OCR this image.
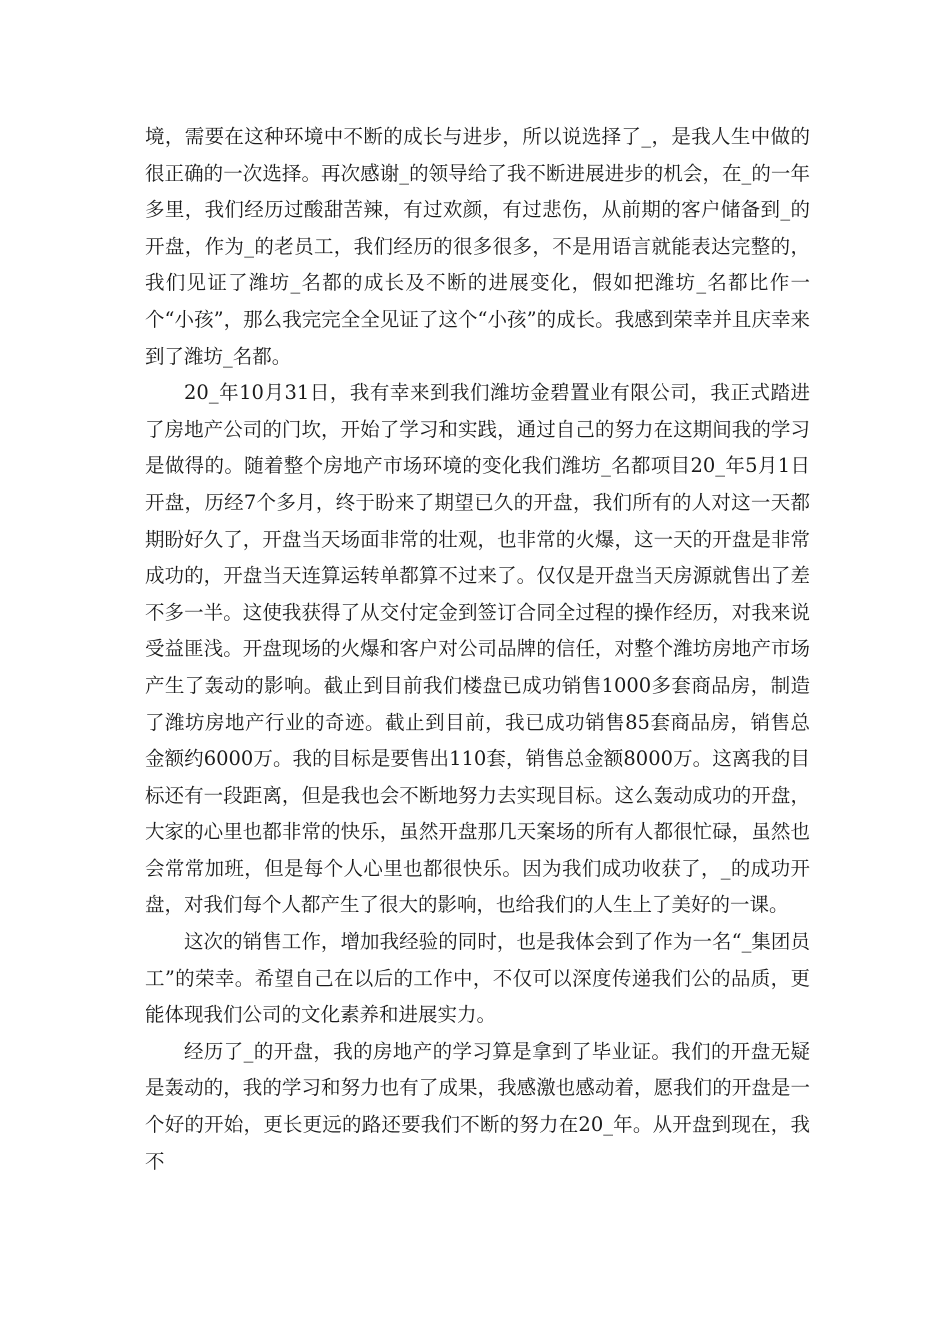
境，需要在这种环境中不断的成长与进步，所以说选择了_，是我人生中做的很正确的一次选择。再次感谢_的领导给了我不断进展进步的机会，在_的一年多里，我们经历过酸甜苦辣，有过欢颜，有过悲伤，从前期的客户储备到_的开盘，作为_的老员工，我们经历的很多很多，不是用语言就能表达完整的，我们见证了潍坊_名都的成长及不断的进展变化，假如把潍坊_名都比作一个“小孩”，那么我完完全全见证了这个“小孩”的成长。我感到荣幸并且庆幸来到了潍坊_名都。

20_年10月31日，我有幸来到我们潍坊金碧置业有限公司，我正式踏进了房地产公司的门坎，开始了学习和实践，通过自己的努力在这期间我的学习是做得的。随着整个房地产市场环境的变化我们潍坊_名都项目20_年5月1日开盘，历经7个多月，终于盼来了期望已久的开盘，我们所有的人对这一天都期盼好久了，开盘当天场面非常的壮观，也非常的火爆，这一天的开盘是非常成功的，开盘当天连算运转单都算不过来了。仅仅是开盘当天房源就售出了差不多一半。这使我获得了从交付定金到签订合同全过程的操作经历，对我来说受益匪浅。开盘现场的火爆和客户对公司品牌的信任，对整个潍坊房地产市场产生了轰动的影响。截止到目前我们楼盘已成功销售1000多套商品房，制造了潍坊房地产行业的奇迹。截止到目前，我已成功销售85套商品房，销售总金额约6000万。我的目标是要售出110套，销售总金额8000万。这离我的目标还有一段距离，但是我也会不断地努力去实现目标。这么轰动成功的开盘，大家的心里也都非常的快乐，虽然开盘那几天案场的所有人都很忙碌，虽然也会常常加班，但是每个人心里也都很快乐。因为我们成功收获了，_的成功开盘，对我们每个人都产生了很大的影响，也给我们的人生上了美好的一课。

这次的销售工作，增加我经验的同时，也是我体会到了作为一名“_集团员工”的荣幸。希望自己在以后的工作中，不仅可以深度传递我们公的品质，更能体现我们公司的文化素养和进展实力。

经历了_的开盘，我的房地产的学习算是拿到了毕业证。我们的开盘无疑是轰动的，我的学习和努力也有了成果，我感激也感动着，愿我们的开盘是一个好的开始，更长更远的路还要我们不断的努力在20_年。从开盘到现在，我不
